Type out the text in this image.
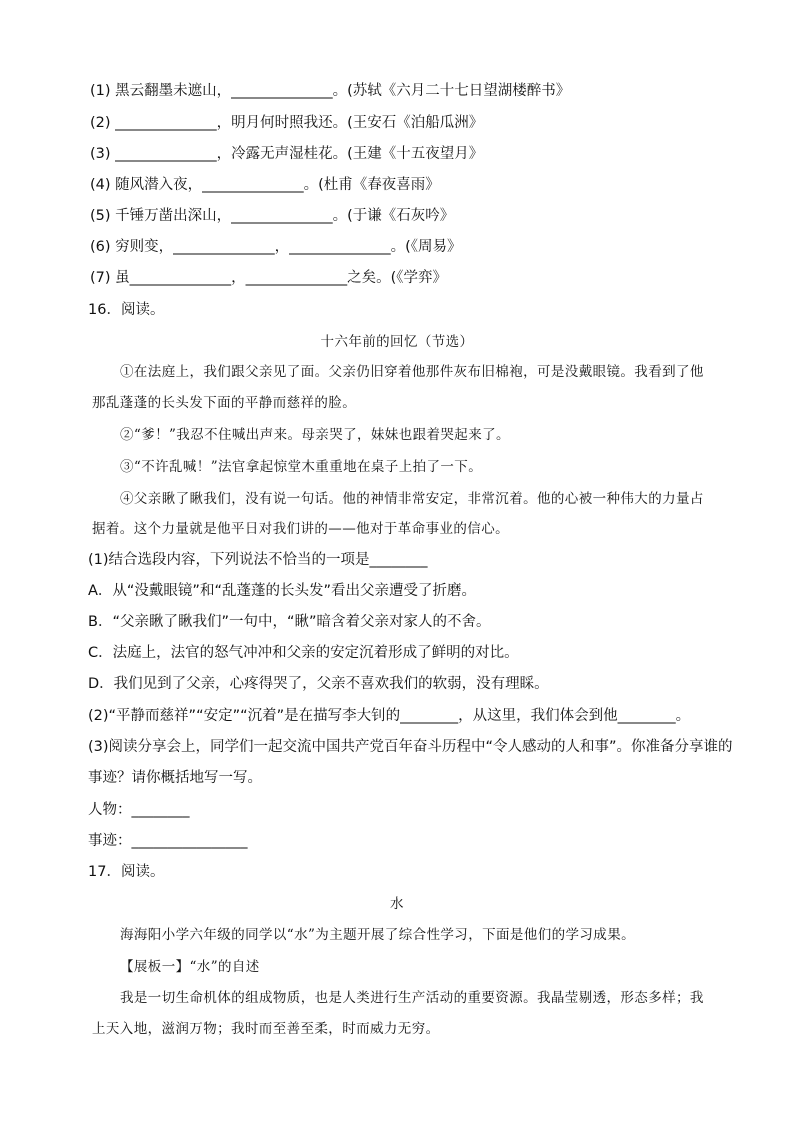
(1) 黑云翻墨未遮山，______________。(苏轼《六月二十七日望湖楼醉书》
(2) ______________，明月何时照我还。(王安石《泊船瓜洲》
(3) ______________，冷露无声湿桂花。(王建《十五夜望月》
(4) 随风潜入夜，______________。(杜甫《春夜喜雨》
(5) 千锤万凿出深山，______________。(于谦《石灰吟》
(6) 穷则变，______________，______________。(《周易》
(7) 虽______________，______________之矣。(《学弈》
16．阅读。
十六年前的回忆（节选）
①在法庭上，我们跟父亲见了面。父亲仍旧穿着他那件灰布旧棉袍，可是没戴眼镜。我看到了他
那乱蓬蓬的长头发下面的平静而慈祥的脸。
②“爹！”我忍不住喊出声来。母亲哭了，妹妹也跟着哭起来了。
③“不许乱喊！”法官拿起惊堂木重重地在桌子上拍了一下。
④父亲瞅了瞅我们，没有说一句话。他的神情非常安定，非常沉着。他的心被一种伟大的力量占
据着。这个力量就是他平日对我们讲的——他对于革命事业的信心。
(1)结合选段内容，下列说法不恰当的一项是________
A．从“没戴眼镜”和“乱蓬蓬的长头发”看出父亲遭受了折磨。
B．“父亲瞅了瞅我们”一句中，“瞅”暗含着父亲对家人的不舍。
C．法庭上，法官的怒气冲冲和父亲的安定沉着形成了鲜明的对比。
D．我们见到了父亲，心疼得哭了，父亲不喜欢我们的软弱，没有理睬。
(2)“平静而慈祥”“安定”“沉着”是在描写李大钊的________，从这里，我们体会到他________。
(3)阅读分享会上，同学们一起交流中国共产党百年奋斗历程中“令人感动的人和事”。你准备分享谁的
事迹？请你概括地写一写。
人物：________
事迹：________________
17．阅读。
水
海海阳小学六年级的同学以“水”为主题开展了综合性学习，下面是他们的学习成果。
【展板一】“水”的自述
我是一切生命机体的组成物质，也是人类进行生产活动的重要资源。我晶莹剔透，形态多样；我
上天入地，滋润万物；我时而至善至柔，时而威力无穷。
